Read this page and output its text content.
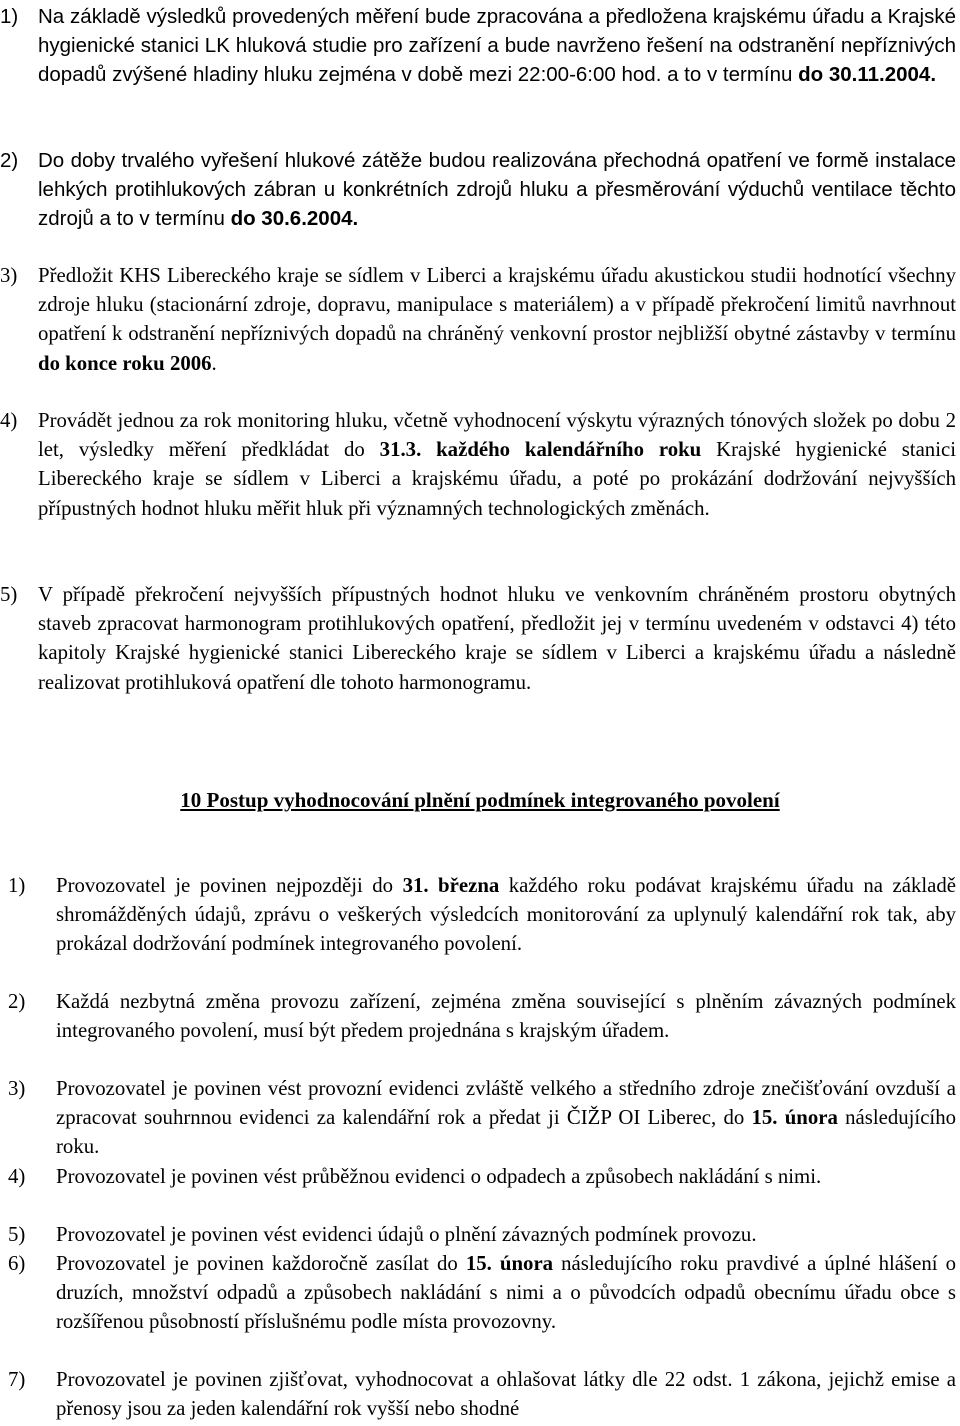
1) Na základě výsledků provedených měření bude zpracována a předložena krajskému úřadu a Krajské hygienické stanici LK hluková studie pro zařízení a bude navrženo řešení na odstranění nepříznivých dopadů zvýšené hladiny hluku zejména v době mezi 22:00-6:00 hod. a to v termínu do 30.11.2004.

2) Do doby trvalého vyřešení hlukové zátěže budou realizována přechodná opatření ve formě instalace lehkých protihlukových zábran u konkrétních zdrojů hluku a přesměrování výduchů ventilace těchto zdrojů a to v termínu do 30.6.2004.

3) Předložit KHS Libereckého kraje se sídlem v Liberci a krajskému úřadu akustickou studii hodnotící všechny zdroje hluku (stacionární zdroje, dopravu, manipulace s materiálem) a v případě překročení limitů navrhnout opatření k odstranění nepříznivých dopadů na chráněný venkovní prostor nejbližší obytné zástavby v termínu do konce roku 2006.

4) Provádět jednou za rok monitoring hluku, včetně vyhodnocení výskytu výrazných tónových složek po dobu 2 let, výsledky měření předkládat do 31.3. každého kalendářního roku Krajské hygienické stanici Libereckého kraje se sídlem v Liberci a krajskému úřadu, a poté po prokázání dodržování nejvyšších přípustných hodnot hluku měřit hluk při významných technologických změnách.

5) V případě překročení nejvyšších přípustných hodnot hluku ve venkovním chráněném prostoru obytných staveb zpracovat harmonogram protihlukových opatření, předložit jej v termínu uvedeném v odstavci 4) této kapitoly Krajské hygienické stanici Libereckého kraje se sídlem v Liberci a krajskému úřadu a následně realizovat protihluková opatření dle tohoto harmonogramu.

10 Postup vyhodnocování plnění podmínek integrovaného povolení

1) Provozovatel je povinen nejpozději do 31. března každého roku podávat krajskému úřadu na základě shromážděných údajů, zprávu o veškerých výsledcích monitorování za uplynulý kalendářní rok tak, aby prokázal dodržování podmínek integrovaného povolení.

2) Každá nezbytná změna provozu zařízení, zejména změna související s plněním závazných podmínek integrovaného povolení, musí být předem projednána s krajským úřadem.

3) Provozovatel je povinen vést provozní evidenci zvláště velkého a středního zdroje znečišťování ovzduší a zpracovat souhrnnou evidenci za kalendářní rok a předat ji ČIŽP OI Liberec, do 15. února následujícího roku.

4) Provozovatel je povinen vést průběžnou evidenci o odpadech a způsobech nakládání s nimi.

5) Provozovatel je povinen vést evidenci údajů o plnění závazných podmínek provozu.

6) Provozovatel je povinen každoročně zasílat do 15. února následujícího roku pravdivé a úplné hlášení o druzích, množství odpadů a způsobech nakládání s nimi a o původcích odpadů obecnímu úřadu obce s rozšířenou působností příslušnému podle místa provozovny.

7) Provozovatel je povinen zjišťovat, vyhodnocovat a ohlašovat látky dle 22 odst. 1 zákona, jejichž emise a přenosy jsou za jeden kalendářní rok vyšší nebo shodné
